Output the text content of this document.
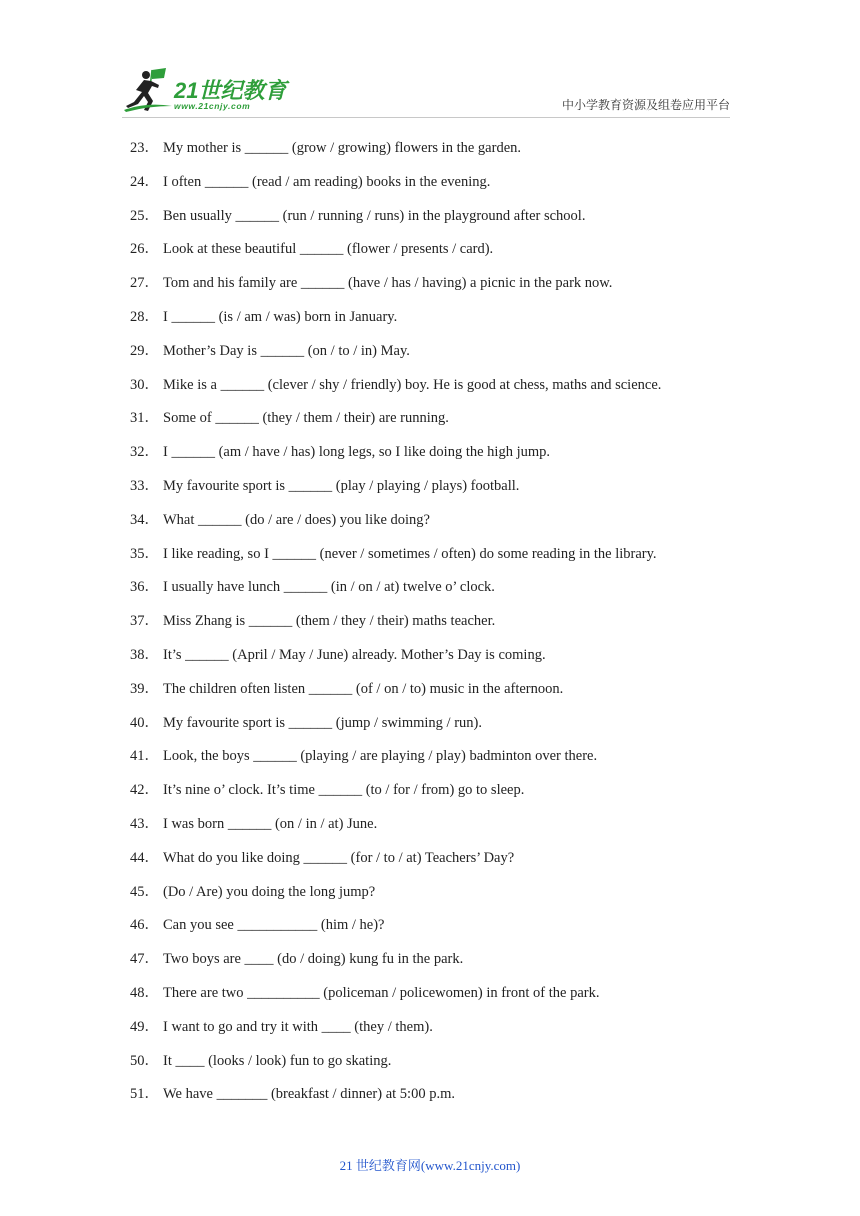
21世纪教育
www.21cnjy.com	中小学教育资源及组卷应用平台
23． My mother is ______ (grow / growing) flowers in the garden.
24． I often ______ (read / am reading) books in the evening.
25． Ben usually ______ (run / running / runs) in the playground after school.
26． Look at these beautiful ______ (flower / presents / card).
27． Tom and his family are ______ (have / has / having) a picnic in the park now.
28． I ______ (is / am / was) born in January.
29． Mother’s Day is ______ (on / to / in) May.
30． Mike is a ______ (clever / shy / friendly) boy. He is good at chess, maths and science.
31． Some of ______ (they / them / their) are running.
32． I ______ (am / have / has) long legs, so I like doing the high jump.
33． My favourite sport is ______ (play / playing / plays) football.
34． What ______ (do / are / does) you like doing?
35． I like reading, so I ______ (never / sometimes / often) do some reading in the library.
36． I usually have lunch ______ (in / on / at) twelve o’ clock.
37． Miss Zhang is ______ (them / they / their) maths teacher.
38． It’s ______ (April / May / June) already. Mother’s Day is coming.
39． The children often listen ______ (of / on / to) music in the afternoon.
40． My favourite sport is ______ (jump / swimming / run).
41． Look, the boys ______ (playing / are playing / play) badminton over there.
42． It’s nine o’ clock. It’s time ______ (to / for / from) go to sleep.
43． I was born ______ (on / in / at) June.
44． What do you like doing ______ (for / to / at) Teachers’ Day?
45． (Do / Are) you doing the long jump?
46． Can you see ___________ (him / he)?
47． Two boys are ____ (do / doing) kung fu in the park.
48． There are two __________ (policeman / policewomen) in front of the park.
49． I want to go and try it with ____ (they / them).
50． It ____ (looks / look) fun to go skating.
51． We have _______ (breakfast / dinner) at 5:00 p.m.
21 世纪教育网(www.21cnjy.com)
